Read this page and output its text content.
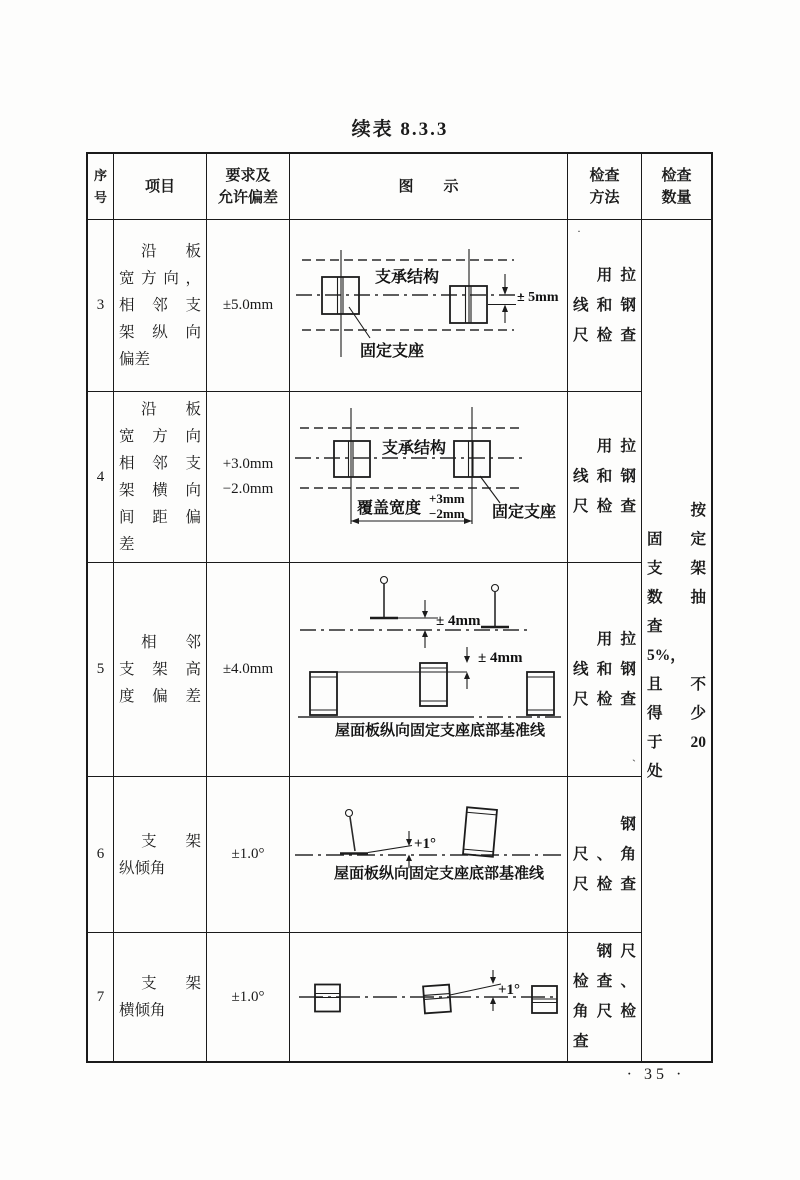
续表 8.3.3
序号
项目
要求及
允许偏差
图　　示
检查
方法
检查
数量
3
　沿　板
宽方向，
相邻支
架纵向
偏差
±5.0mm
支承结构
± 5mm
固定支座
　用拉
线和钢
尺检查
　　按
固　定
支　架
数　抽
查
5%，
且　不
得　少
于 20
处
4
　沿　板
宽方向
相邻支
架横向
间距偏
差
+3.0mm
−2.0mm
支承结构
覆盖宽度
+3mm
−2mm 固定支座
　用拉
线和钢
尺检查
5
　相　邻
支架高
度偏差
±4.0mm
± 4mm
± 4mm
屋面板纵向固定支座底部基准线
　用拉
线和钢
尺检查
6
　支　架
纵倾角
±1.0°
+1°
屋面板纵向固定支座底部基准线
　　钢
尺、角
尺检查
7
　支　架
横倾角
±1.0°	+1°
　钢尺
检查、
角尺检
查
·
`
· 35 ·
